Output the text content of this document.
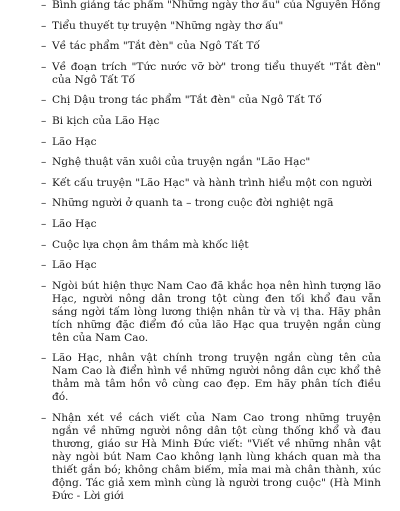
– Bình giảng tác phẩm "Những ngày thơ ấu" của Nguyên Hồng
– Tiểu thuyết tự truyện "Những ngày thơ ấu"
– Về tác phẩm "Tắt đèn" của Ngô Tất Tố
– Về đoạn trích "Tức nước vỡ bờ" trong tiểu thuyết "Tắt đèn" của Ngô Tất Tố
– Chị Dậu trong tác phẩm "Tắt đèn" của Ngô Tất Tố
– Bi kịch của Lão Hạc
– Lão Hạc
– Nghệ thuật văn xuôi của truyện ngắn "Lão Hạc"
– Kết cấu truyện "Lão Hạc" và hành trình hiểu một con người
– Những người ở quanh ta – trong cuộc đời nghiệt ngã
– Lão Hạc
– Cuộc lựa chọn âm thầm mà khốc liệt
– Lão Hạc
– Ngòi bút hiện thực Nam Cao đã khắc họa nên hình tượng lão Hạc, người nông dân trong tột cùng đen tối khổ đau vẫn sáng ngời tấm lòng lương thiện nhân từ và vị tha. Hãy phân tích những đặc điểm đó của lão Hạc qua truyện ngắn cùng tên của Nam Cao.
– Lão Hạc, nhân vật chính trong truyện ngắn cùng tên của Nam Cao là điển hình về những người nông dân cực khổ thê thảm mà tâm hồn vô cùng cao đẹp. Em hãy phân tích điều đó.
– Nhận xét về cách viết của Nam Cao trong những truyện ngắn về những người nông dân tột cùng thống khổ và đau thương, giáo sư Hà Minh Đức viết: "Viết về những nhân vật này ngòi bút Nam Cao không lạnh lùng khách quan mà tha thiết gắn bó; không châm biếm, mỉa mai mà chân thành, xúc động. Tác giả xem mình cùng là người trong cuộc" (Hà Minh Đức - Lời giới
